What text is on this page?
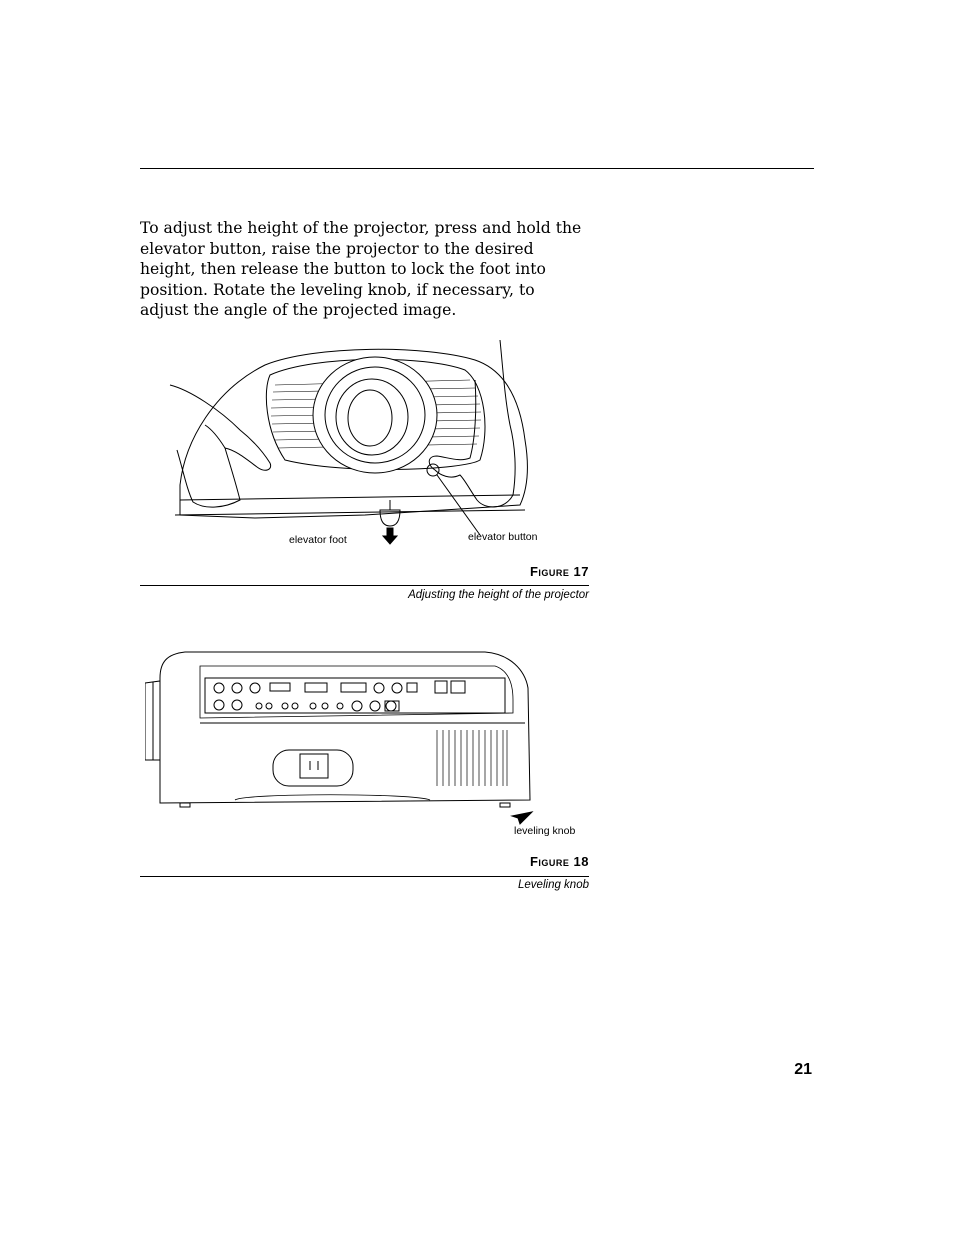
To adjust the height of the projector, press and hold the elevator button, raise the projector to the desired height, then release the button to lock the foot into position. Rotate the leveling knob, if necessary, to adjust the angle of the projected image.

elevator foot	elevator button
Figure 17
Adjusting the height of the projector
leveling knob
Figure 18
Leveling knob
21
